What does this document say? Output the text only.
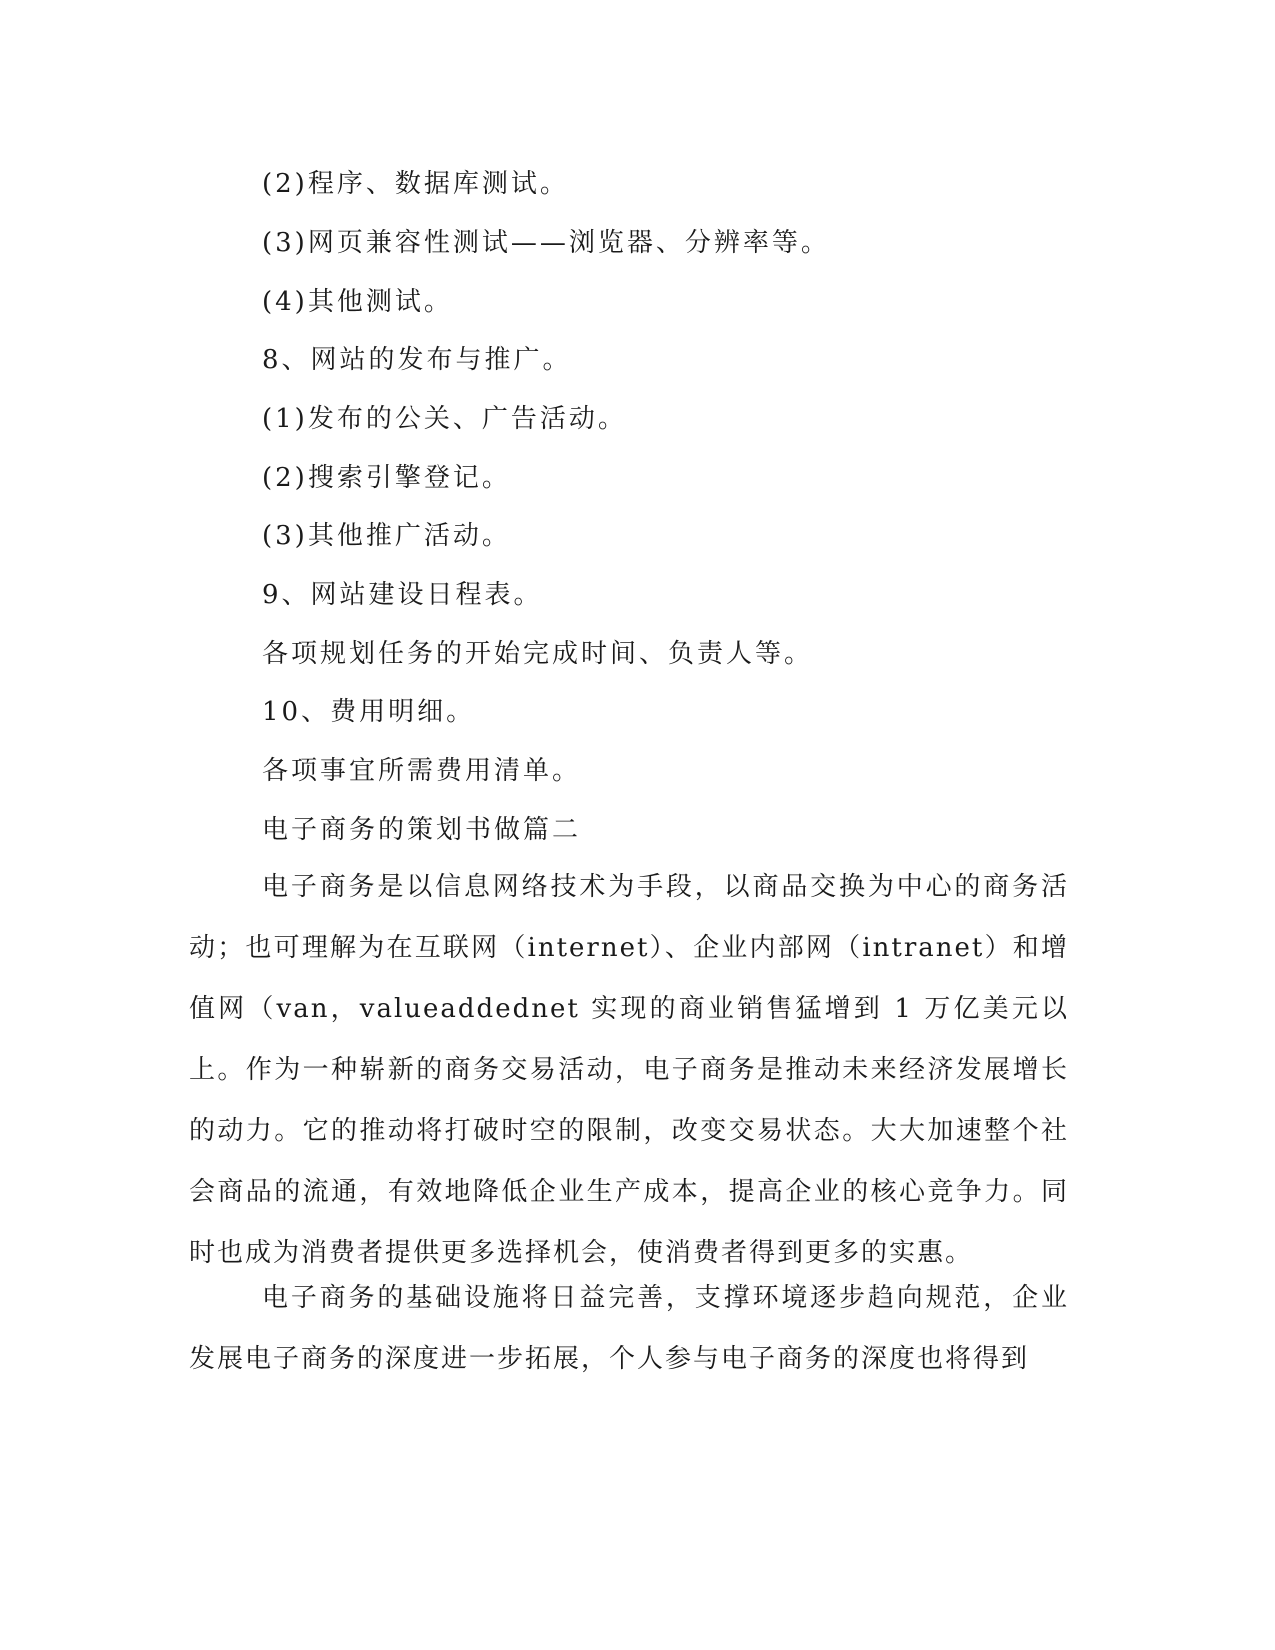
(2)程序、数据库测试。

(3)网页兼容性测试——浏览器、分辨率等。

(4)其他测试。

8、网站的发布与推广。

(1)发布的公关、广告活动。

(2)搜索引擎登记。

(3)其他推广活动。

9、网站建设日程表。

各项规划任务的开始完成时间、负责人等。

10、费用明细。

各项事宜所需费用清单。

电子商务的策划书做篇二

电子商务是以信息网络技术为手段，以商品交换为中心的商务活动；也可理解为在互联网（internet）、企业内部网（intranet）和增值网（van，valueaddednet 实现的商业销售猛增到 1 万亿美元以上。作为一种崭新的商务交易活动，电子商务是推动未来经济发展增长的动力。它的推动将打破时空的限制，改变交易状态。大大加速整个社会商品的流通，有效地降低企业生产成本，提高企业的核心竞争力。同时也成为消费者提供更多选择机会，使消费者得到更多的实惠。

电子商务的基础设施将日益完善，支撑环境逐步趋向规范，企业发展电子商务的深度进一步拓展，个人参与电子商务的深度也将得到
